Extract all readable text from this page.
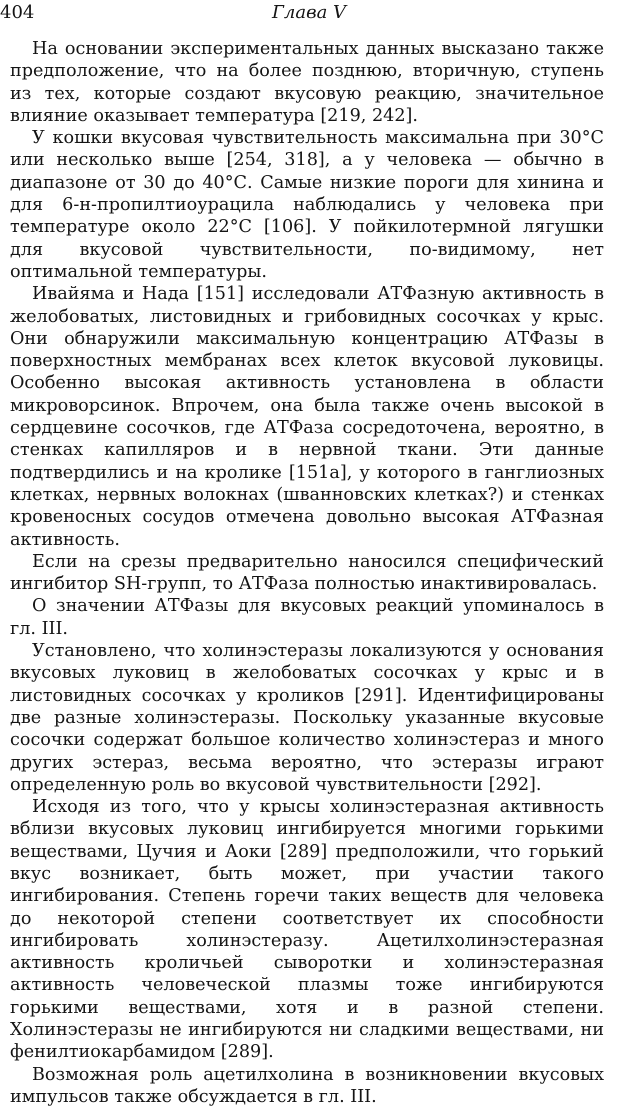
404	Глава V

На основании экспериментальных данных высказано также предположение, что на более позднюю, вторичную, ступень из тех, которые создают вкусовую реакцию, значительное влияние оказывает температура [219, 242].

У кошки вкусовая чувствительность максимальна при 30°С или несколько выше [254, 318], а у человека — обычно в диапазоне от 30 до 40°С. Самые низкие пороги для хинина и для 6-н-пропилтиоурацила наблюдались у человека при температуре около 22°С [106]. У пойкилотермной лягушки для вкусовой чувствительности, по-видимому, нет оптимальной температуры.

Ивайяма и Нада [151] исследовали АТФазную активность в желобоватых, листовидных и грибовидных сосочках у крыс. Они обнаружили максимальную концентрацию АТФазы в поверхностных мембранах всех клеток вкусовой луковицы. Особенно высокая активность установлена в области микроворсинок. Впрочем, она была также очень высокой в сердцевине сосочков, где АТФаза сосредоточена, вероятно, в стенках капилляров и в нервной ткани. Эти данные подтвердились и на кролике [151а], у которого в ганглиозных клетках, нервных волокнах (шванновских клетках?) и стенках кровеносных сосудов отмечена довольно высокая АТФазная активность.

Если на срезы предварительно наносился специфический ингибитор SH-групп, то АТФаза полностью инактивировалась.

О значении АТФазы для вкусовых реакций упоминалось в гл. III.

Установлено, что холинэстеразы локализуются у основания вкусовых луковиц в желобоватых сосочках у крыс и в листовидных сосочках у кроликов [291]. Идентифицированы две разные холинэстеразы. Поскольку указанные вкусовые сосочки содержат большое количество холинэстераз и много других эстераз, весьма вероятно, что эстеразы играют определенную роль во вкусовой чувствительности [292].

Исходя из того, что у крысы холинэстеразная активность вблизи вкусовых луковиц ингибируется многими горькими веществами, Цучия и Аоки [289] предположили, что горький вкус возникает, быть может, при участии такого ингибирования. Степень горечи таких веществ для человека до некоторой степени соответствует их способности ингибировать холинэстеразу. Ацетилхолинэстеразная активность кроличьей сыворотки и холинэстеразная активность человеческой плазмы тоже ингибируются горькими веществами, хотя и в разной степени. Холинэстеразы не ингибируются ни сладкими веществами, ни фенилтиокарбамидом [289].

Возможная роль ацетилхолина в возникновении вкусовых импульсов также обсуждается в гл. III.
